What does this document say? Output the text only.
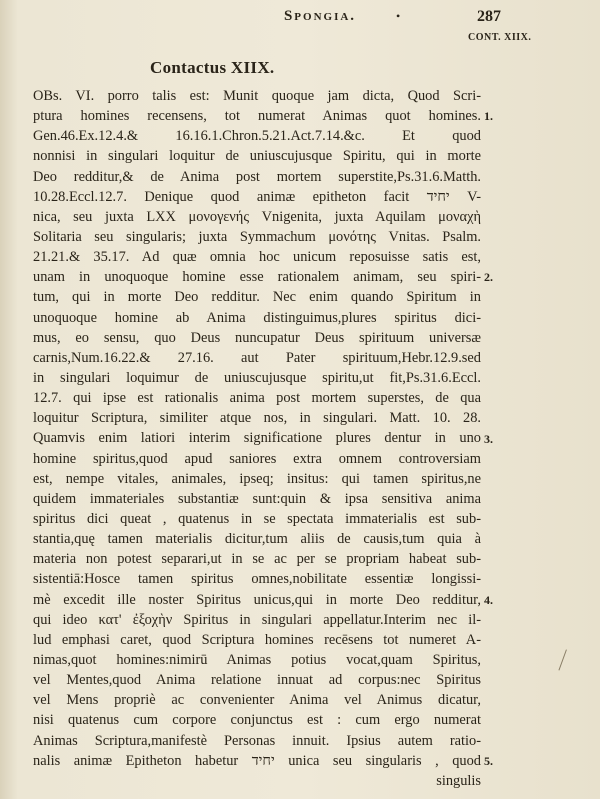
Spongia.	•	287
CONT. XIIX.
Contactus XIIX.
OBs. VI. porro talis est: Munit quoque jam dicta, Quod Scri-
ptura homines recensens, tot numerat Animas quot homines.
Gen.46.Ex.12.4.& 16.16.1.Chron.5.21.Act.7.14.&c. Et quod
nonnisi in singulari loquitur de uniuscujusque Spiritu, qui in morte
Deo redditur,& de Anima post mortem superstite,Ps.31.6.Matth.
10.28.Eccl.12.7. Denique quod animæ epitheton facit יחיד V-
nica, seu juxta LXX μονογενής Vnigenita, juxta Aquilam μοναχὴ
Solitaria seu singularis; juxta Symmachum μονότης Vnitas. Psalm.
21.21.& 35.17. Ad quæ omnia hoc unicum reposuisse satis est,
unam in unoquoque homine esse rationalem animam, seu spiri-
tum, qui in morte Deo redditur. Nec enim quando Spiritum in
unoquoque homine ab Anima distinguimus,plures spiritus dici-
mus, eo sensu, quo Deus nuncupatur Deus spirituum universæ
carnis,Num.16.22.& 27.16. aut Pater spirituum,Hebr.12.9.sed
in singulari loquimur de uniuscujusque spiritu,ut fit,Ps.31.6.Eccl.
12.7. qui ipse est rationalis anima post mortem superstes, de qua
loquitur Scriptura, similiter atque nos, in singulari. Matt. 10. 28.
Quamvis enim latiori interim significatione plures dentur in uno
homine spiritus,quod apud saniores extra omnem controversiam
est, nempe vitales, animales, ipseq; insitus: qui tamen spiritus,ne
quidem immateriales substantiæ sunt:quin & ipsa sensitiva anima
spiritus dici queat , quatenus in se spectata immaterialis est sub-
stantia,quę tamen materialis dicitur,tum aliis de causis,tum quia à
materia non potest separari,ut in se ac per se propriam habeat sub-
sistentiā:Hosce tamen spiritus omnes,nobilitate essentiæ longissi-
mè excedit ille noster Spiritus unicus,qui in morte Deo redditur,
qui ideo κατ' ἐξοχὴν Spiritus in singulari appellatur.Interim nec il-
lud emphasi caret, quod Scriptura homines recēsens tot numeret A-
nimas,quot homines:nimirū Animas potius vocat,quam Spiritus,
vel Mentes,quod Anima relatione innuat ad corpus:nec Spiritus
vel Mens propriè ac convenienter Anima vel Animus dicatur,
nisi quatenus cum corpore conjunctus est : cum ergo numerat
Animas Scriptura,manifestè Personas innuit. Ipsius autem ratio-
nalis animæ Epitheton habetur יחיד unica seu singularis , quod
singulis
1.
2.
3.
4.
5.
